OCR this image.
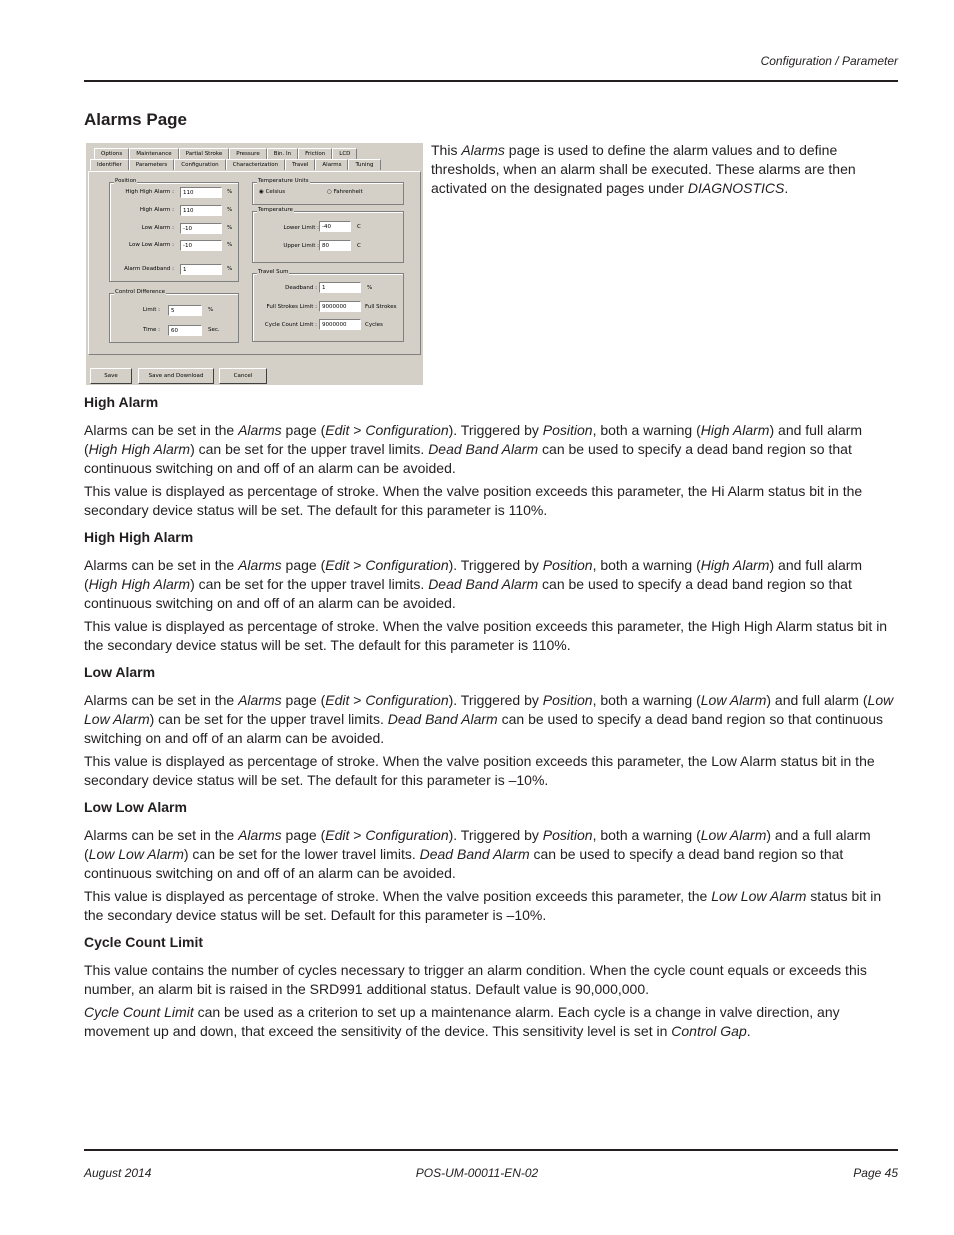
Configuration / Parameter
Alarms Page
Options	Maintenance	Partial Stroke	Pressure	Bin. In	Friction	LCD
Identifier	Parameters	Configuration	Characterization	Travel	Alarms	Tuning
Position
High High Alarm :	110	%
High Alarm :	110	%
Low Alarm :	-10	%
Low Low Alarm :	-10	%
Alarm Deadband :	1	%
Control Difference
Limit :	5	%
Time :	60	Sec.
Temperature Units
◉ Celsius	○ Fahrenheit
Temperature
Lower Limit : -40	C
Upper Limit : 80	C
Travel Sum
Deadband : 1	%
Full Strokes Limit : 9000000	Full Strokes
Cycle Count Limit : 9000000	Cycles
Save	Save and Download	Cancel
This Alarms page is used to define the alarm values and to define thresholds, when an alarm shall be executed. These alarms are then activated on the designated pages under DIAGNOSTICS.
High Alarm

Alarms can be set in the Alarms page (Edit > Configuration). Triggered by Position, both a warning (High Alarm) and full alarm (High High Alarm) can be set for the upper travel limits. Dead Band Alarm can be used to specify a dead band region so that continuous switching on and off of an alarm can be avoided.

This value is displayed as percentage of stroke. When the valve position exceeds this parameter, the Hi Alarm status bit in the secondary device status will be set. The default for this parameter is 110%.

High High Alarm

Alarms can be set in the Alarms page (Edit > Configuration). Triggered by Position, both a warning (High Alarm) and full alarm (High High Alarm) can be set for the upper travel limits. Dead Band Alarm can be used to specify a dead band region so that continuous switching on and off of an alarm can be avoided.

This value is displayed as percentage of stroke. When the valve position exceeds this parameter, the High High Alarm status bit in the secondary device status will be set. The default for this parameter is 110%.

Low Alarm

Alarms can be set in the Alarms page (Edit > Configuration). Triggered by Position, both a warning (Low Alarm) and full alarm (Low Low Alarm) can be set for the upper travel limits. Dead Band Alarm can be used to specify a dead band region so that continuous switching on and off of an alarm can be avoided.

This value is displayed as percentage of stroke. When the valve position exceeds this parameter, the Low Alarm status bit in the secondary device status will be set. The default for this parameter is –10%.

Low Low Alarm

Alarms can be set in the Alarms page (Edit > Configuration). Triggered by Position, both a warning (Low Alarm) and a full alarm (Low Low Alarm) can be set for the lower travel limits. Dead Band Alarm can be used to specify a dead band region so that continuous switching on and off of an alarm can be avoided.

This value is displayed as percentage of stroke. When the valve position exceeds this parameter, the Low Low Alarm status bit in the secondary device status will be set. Default for this parameter is –10%.

Cycle Count Limit

This value contains the number of cycles necessary to trigger an alarm condition. When the cycle count equals or exceeds this number, an alarm bit is raised in the SRD991 additional status. Default value is 90,000,000.

Cycle Count Limit can be used as a criterion to set up a maintenance alarm. Each cycle is a change in valve direction, any movement up and down, that exceed the sensitivity of the device. This sensitivity level is set in Control Gap.

August 2014	POS-UM-00011-EN-02	Page 45
